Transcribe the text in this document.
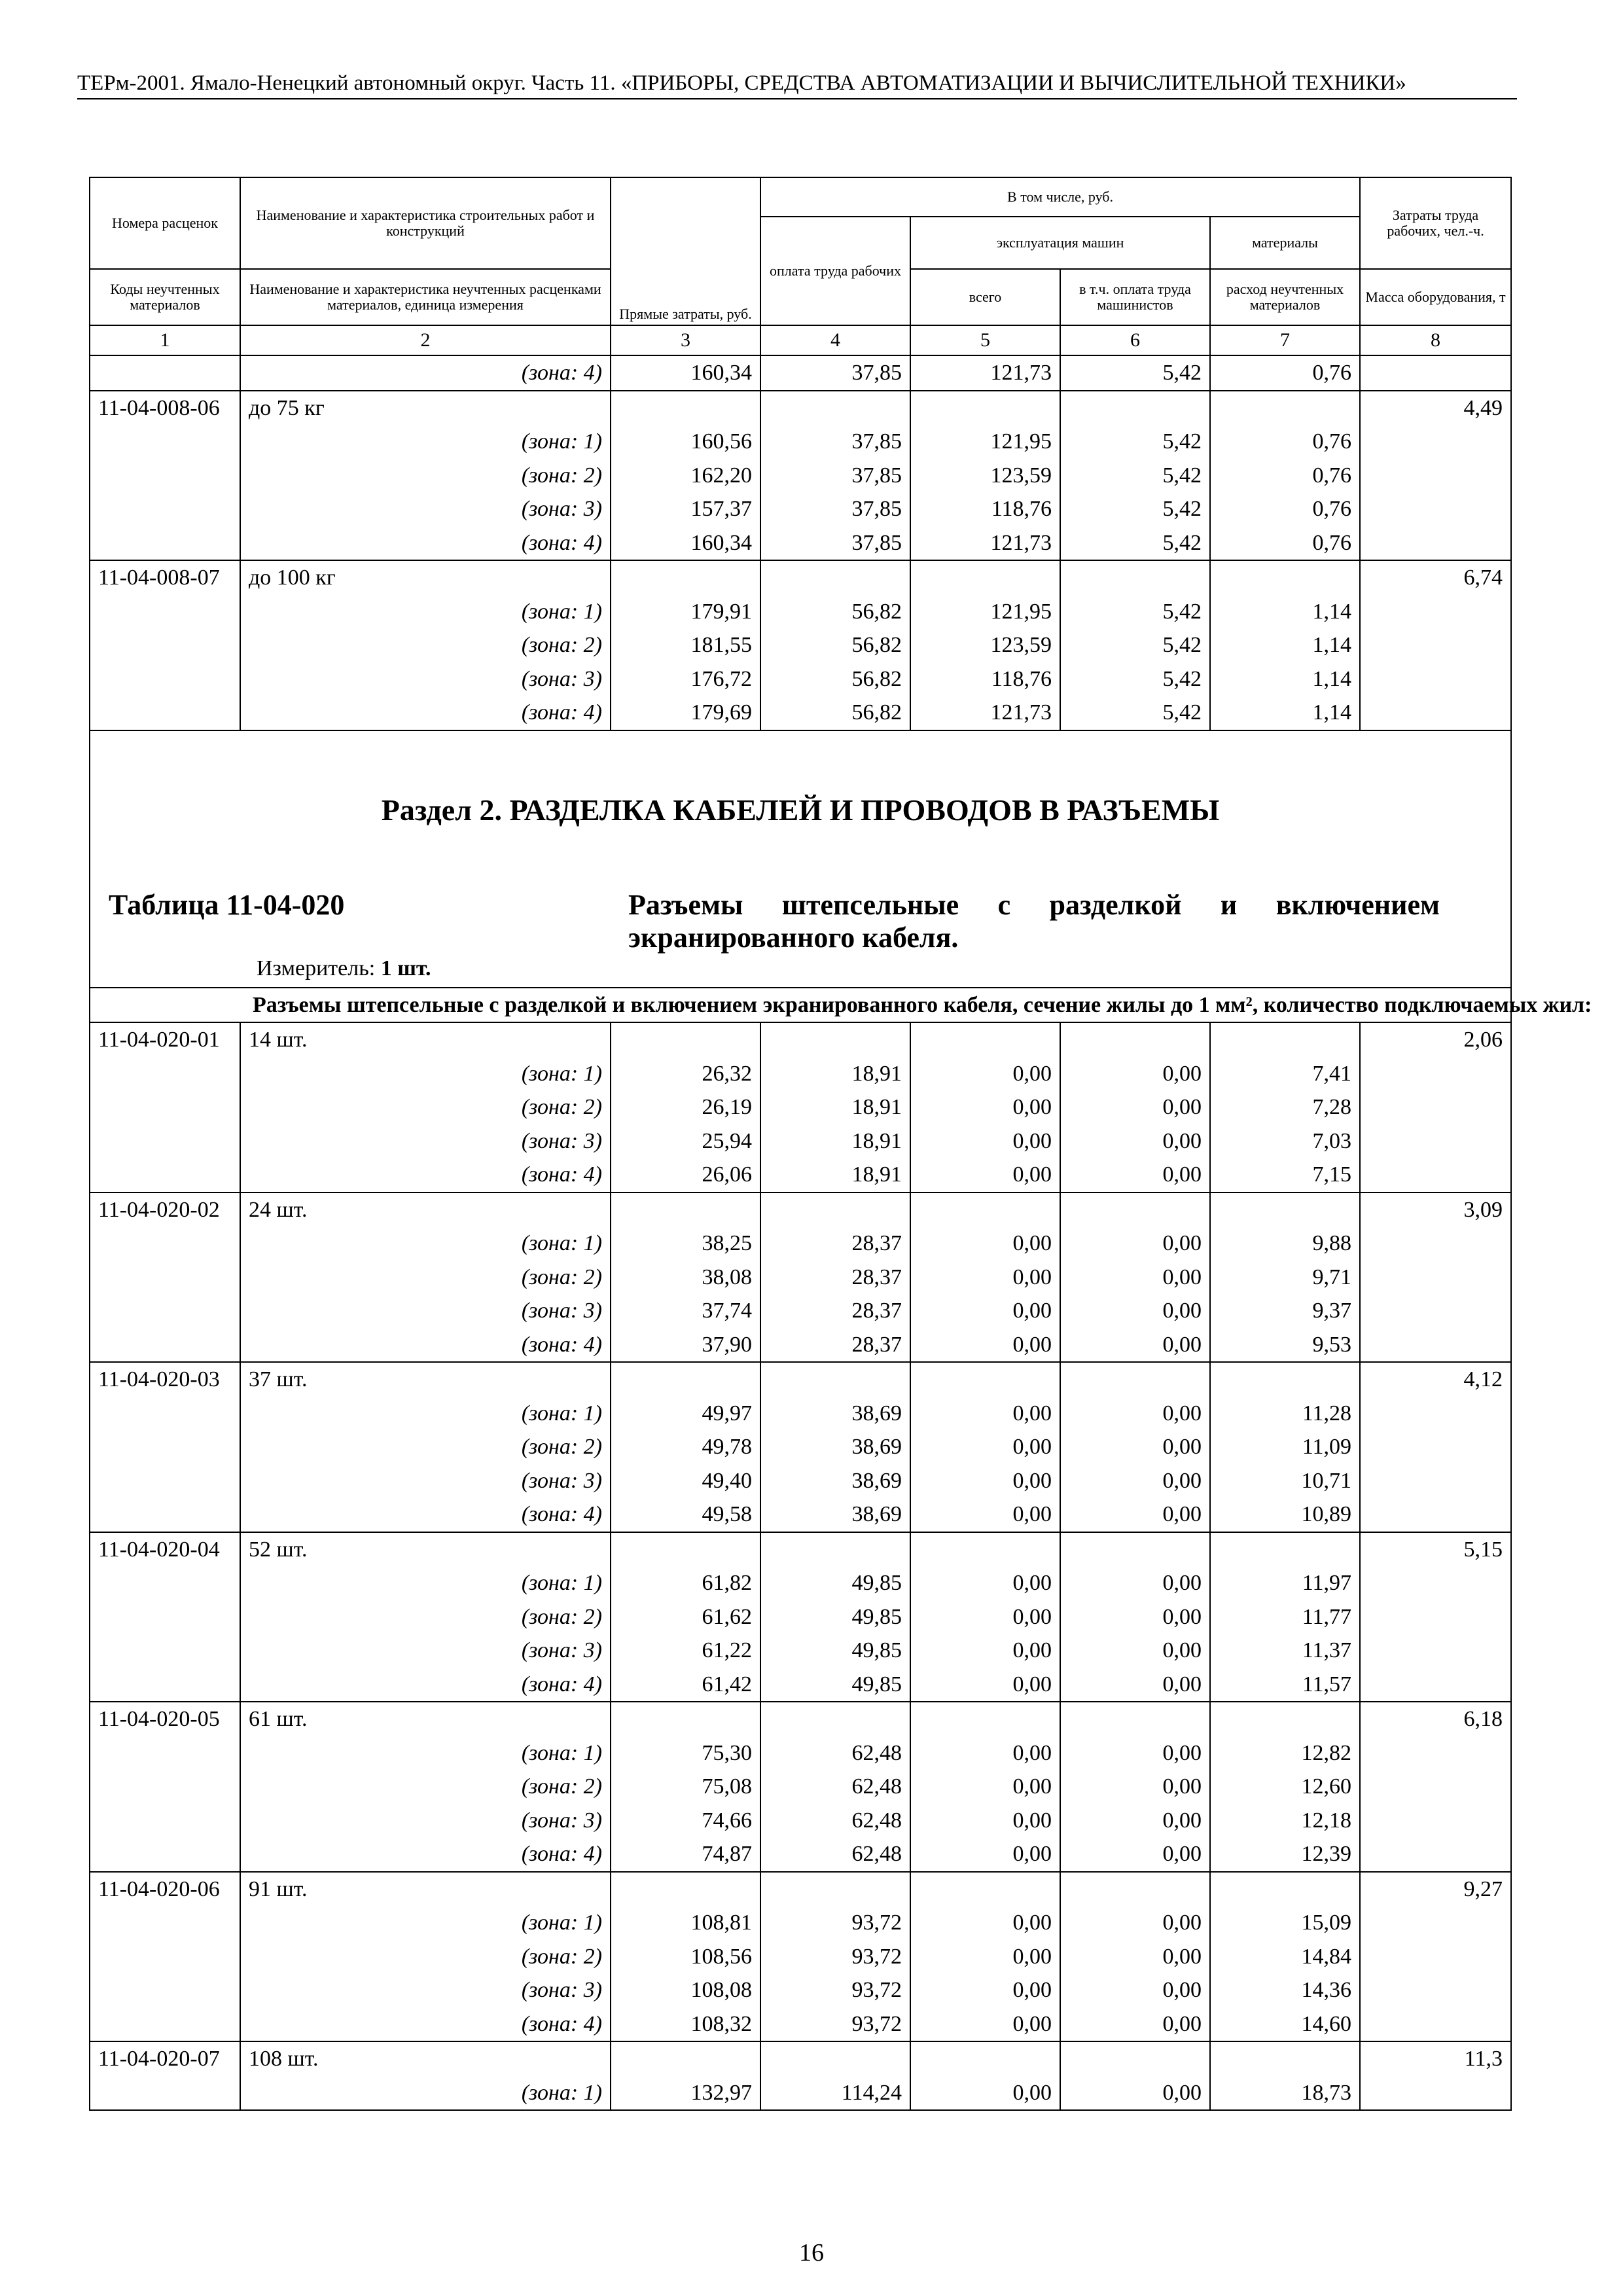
ТЕРм-2001. Ямало-Ненецкий автономный округ. Часть 11. «ПРИБОРЫ, СРЕДСТВА АВТОМАТИЗАЦИИ И ВЫЧИСЛИТЕЛЬНОЙ ТЕХНИКИ»
Номера расценок	Наименование и характеристика строительных работ и конструкций	Прямые затраты, руб.	В том числе, руб.				Затраты труда рабочих, чел.-ч.
			оплата труда рабочих	эксплуатация машин		материалы	
Коды неучтенных материалов	Наименование и характеристика неучтенных расценками материалов, единица измерения			всего	в т.ч. оплата труда машинистов	расход неучтенных материалов	Масса оборудования, т
1	2	3	4	5	6	7	8
	(зона: 4)	160,34	37,85	121,73	5,42	0,76	
11-04-008-06	до 75 кг						4,49
	(зона: 1)	160,56	37,85	121,95	5,42	0,76	
	(зона: 2)	162,20	37,85	123,59	5,42	0,76	
	(зона: 3)	157,37	37,85	118,76	5,42	0,76	
	(зона: 4)	160,34	37,85	121,73	5,42	0,76	
11-04-008-07	до 100 кг						6,74
	(зона: 1)	179,91	56,82	121,95	5,42	1,14	
	(зона: 2)	181,55	56,82	123,59	5,42	1,14	
	(зона: 3)	176,72	56,82	118,76	5,42	1,14	
	(зона: 4)	179,69	56,82	121,73	5,42	1,14	

Раздел 2. РАЗДЕЛКА КАБЕЛЕЙ И ПРОВОДОВ В РАЗЪЕМЫ
Таблица 11-04-020 Разъемы штепсельные с разделкой и включением экранированного кабеля.
Измеритель: 1 шт.							

Разъемы штепсельные с разделкой и включением экранированного кабеля, сечение жилы до 1 мм², количество подключаемых жил:							
11-04-020-01	14 шт.						2,06
	(зона: 1)	26,32	18,91	0,00	0,00	7,41	
	(зона: 2)	26,19	18,91	0,00	0,00	7,28	
	(зона: 3)	25,94	18,91	0,00	0,00	7,03	
	(зона: 4)	26,06	18,91	0,00	0,00	7,15	
11-04-020-02	24 шт.						3,09
	(зона: 1)	38,25	28,37	0,00	0,00	9,88	
	(зона: 2)	38,08	28,37	0,00	0,00	9,71	
	(зона: 3)	37,74	28,37	0,00	0,00	9,37	
	(зона: 4)	37,90	28,37	0,00	0,00	9,53	
11-04-020-03	37 шт.						4,12
	(зона: 1)	49,97	38,69	0,00	0,00	11,28	
	(зона: 2)	49,78	38,69	0,00	0,00	11,09	
	(зона: 3)	49,40	38,69	0,00	0,00	10,71	
	(зона: 4)	49,58	38,69	0,00	0,00	10,89	
11-04-020-04	52 шт.						5,15
	(зона: 1)	61,82	49,85	0,00	0,00	11,97	
	(зона: 2)	61,62	49,85	0,00	0,00	11,77	
	(зона: 3)	61,22	49,85	0,00	0,00	11,37	
	(зона: 4)	61,42	49,85	0,00	0,00	11,57	
11-04-020-05	61 шт.						6,18
	(зона: 1)	75,30	62,48	0,00	0,00	12,82	
	(зона: 2)	75,08	62,48	0,00	0,00	12,60	
	(зона: 3)	74,66	62,48	0,00	0,00	12,18	
	(зона: 4)	74,87	62,48	0,00	0,00	12,39	
11-04-020-06	91 шт.						9,27
	(зона: 1)	108,81	93,72	0,00	0,00	15,09	
	(зона: 2)	108,56	93,72	0,00	0,00	14,84	
	(зона: 3)	108,08	93,72	0,00	0,00	14,36	
	(зона: 4)	108,32	93,72	0,00	0,00	14,60	
11-04-020-07	108 шт.						11,3
	(зона: 1)	132,97	114,24	0,00	0,00	18,73	
16
